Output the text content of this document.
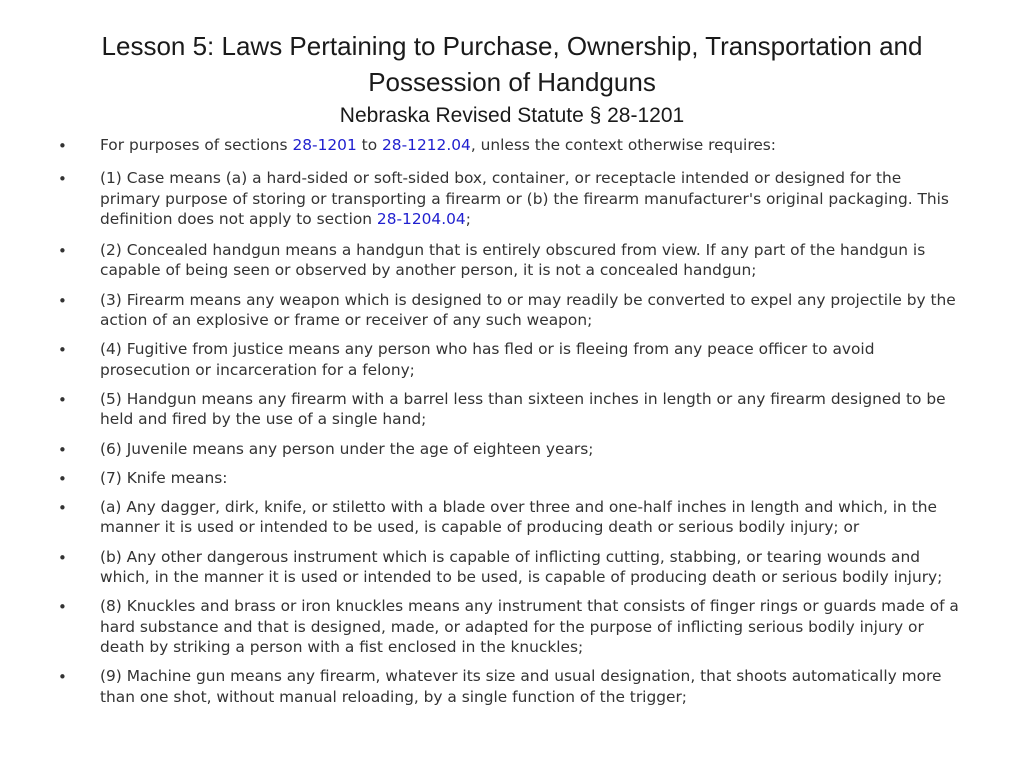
Lesson 5: Laws Pertaining to Purchase, Ownership, Transportation and Possession of Handguns
Nebraska Revised Statute § 28-1201
• For purposes of sections 28-1201 to 28-1212.04, unless the context otherwise requires:
• (1) Case means (a) a hard-sided or soft-sided box, container, or receptacle intended or designed for the primary purpose of storing or transporting a firearm or (b) the firearm manufacturer's original packaging. This definition does not apply to section 28-1204.04;
• (2) Concealed handgun means a handgun that is entirely obscured from view. If any part of the handgun is capable of being seen or observed by another person, it is not a concealed handgun;
• (3) Firearm means any weapon which is designed to or may readily be converted to expel any projectile by the action of an explosive or frame or receiver of any such weapon;
• (4) Fugitive from justice means any person who has fled or is fleeing from any peace officer to avoid prosecution or incarceration for a felony;
• (5) Handgun means any firearm with a barrel less than sixteen inches in length or any firearm designed to be held and fired by the use of a single hand;
• (6) Juvenile means any person under the age of eighteen years;
• (7) Knife means:
• (a) Any dagger, dirk, knife, or stiletto with a blade over three and one-half inches in length and which, in the manner it is used or intended to be used, is capable of producing death or serious bodily injury; or
• (b) Any other dangerous instrument which is capable of inflicting cutting, stabbing, or tearing wounds and which, in the manner it is used or intended to be used, is capable of producing death or serious bodily injury;
• (8) Knuckles and brass or iron knuckles means any instrument that consists of finger rings or guards made of a hard substance and that is designed, made, or adapted for the purpose of inflicting serious bodily injury or death by striking a person with a fist enclosed in the knuckles;
• (9) Machine gun means any firearm, whatever its size and usual designation, that shoots automatically more than one shot, without manual reloading, by a single function of the trigger;
